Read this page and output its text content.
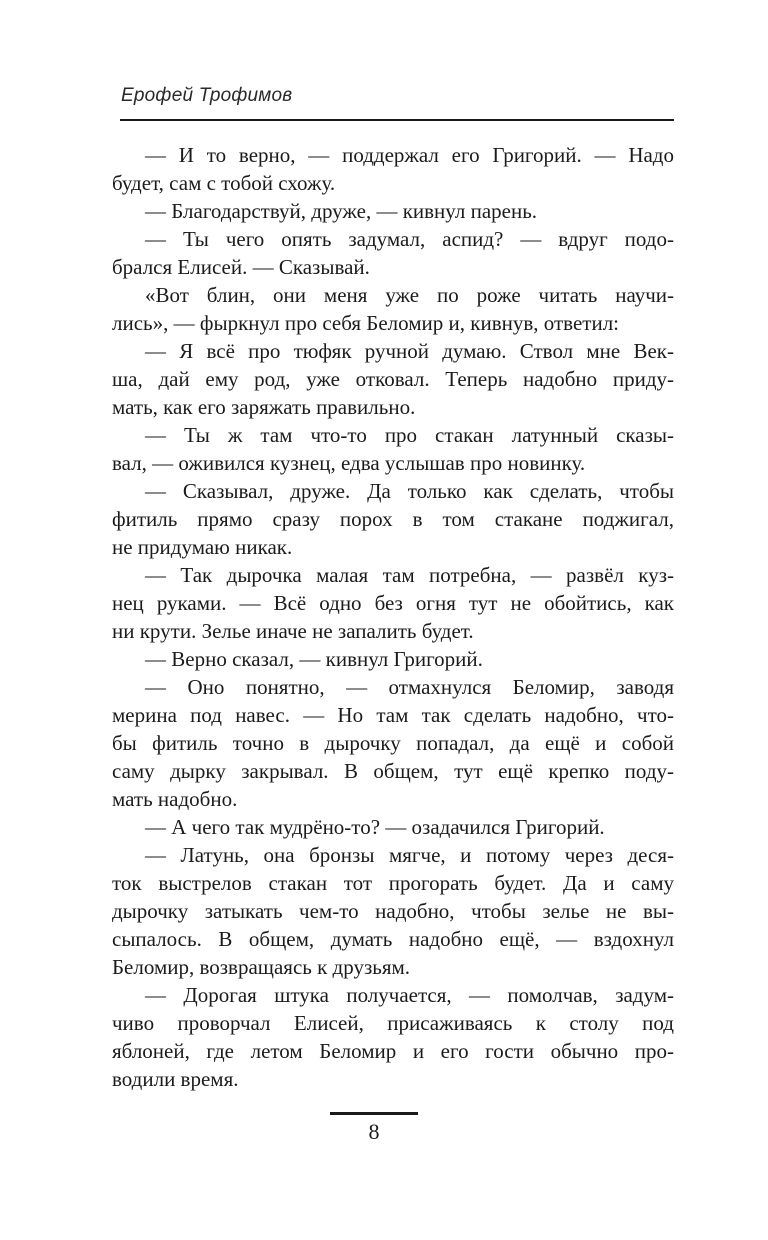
Ерофей Трофимов
— И то верно, — поддержал его Григорий. — Надо
будет, сам с тобой схожу.
— Благодарствуй, друже, — кивнул парень.
— Ты чего опять задумал, аспид? — вдруг подо-
брался Елисей. — Сказывай.
«Вот блин, они меня уже по роже читать научи-
лись», — фыркнул про себя Беломир и, кивнув, ответил:
— Я всё про тюфяк ручной думаю. Ствол мне Век-
ша, дай ему род, уже отковал. Теперь надобно приду-
мать, как его заряжать правильно.
— Ты ж там что-то про стакан латунный сказы-
вал, — оживился кузнец, едва услышав про новинку.
— Сказывал, друже. Да только как сделать, чтобы
фитиль прямо сразу порох в том стакане поджигал,
не придумаю никак.
— Так дырочка малая там потребна, — развёл куз-
нец руками. — Всё одно без огня тут не обойтись, как
ни крути. Зелье иначе не запалить будет.
— Верно сказал, — кивнул Григорий.
— Оно понятно, — отмахнулся Беломир, заводя
мерина под навес. — Но там так сделать надобно, что-
бы фитиль точно в дырочку попадал, да ещё и собой
саму дырку закрывал. В общем, тут ещё крепко поду-
мать надобно.
— А чего так мудрёно-то? — озадачился Григорий.
— Латунь, она бронзы мягче, и потому через деся-
ток выстрелов стакан тот прогорать будет. Да и саму
дырочку затыкать чем-то надобно, чтобы зелье не вы-
сыпалось. В общем, думать надобно ещё, — вздохнул
Беломир, возвращаясь к друзьям.
— Дорогая штука получается, — помолчав, задум-
чиво проворчал Елисей, присаживаясь к столу под
яблоней, где летом Беломир и его гости обычно про-
водили время.
8
